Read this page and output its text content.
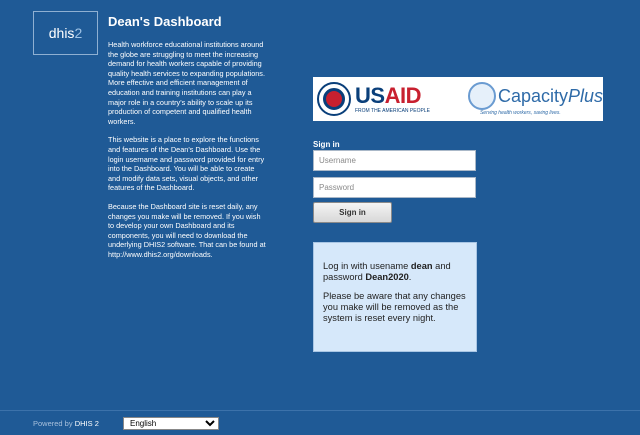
dhis 2
Dean's Dashboard

Health workforce educational institutions around the globe are struggling to meet the increasing demand for health workers capable of providing quality health services to expanding populations. More effective and efficient management of education and training institutions can play a major role in a country's ability to scale up its production of competent and qualified health workers.

This website is a place to explore the functions and features of the Dean's Dashboard. Use the login username and password provided for entry into the Dashboard. You will be able to create and modify data sets, visual objects, and other features of the Dashboard.

Because the Dashboard site is reset daily, any changes you make will be removed. If you wish to develop your own Dashboard and its components, you will need to download the underlying DHIS2 software. That can be found at http://www.dhis2.org/downloads.

USAID
FROM THE AMERICAN PEOPLE
CapacityPlus
Serving health workers, saving lives.
Sign in
Username
Sign in

Log in with usename dean and password Dean2020.

Please be aware that any changes you make will be removed as the system is reset every night.

Powered by DHIS 2
English
